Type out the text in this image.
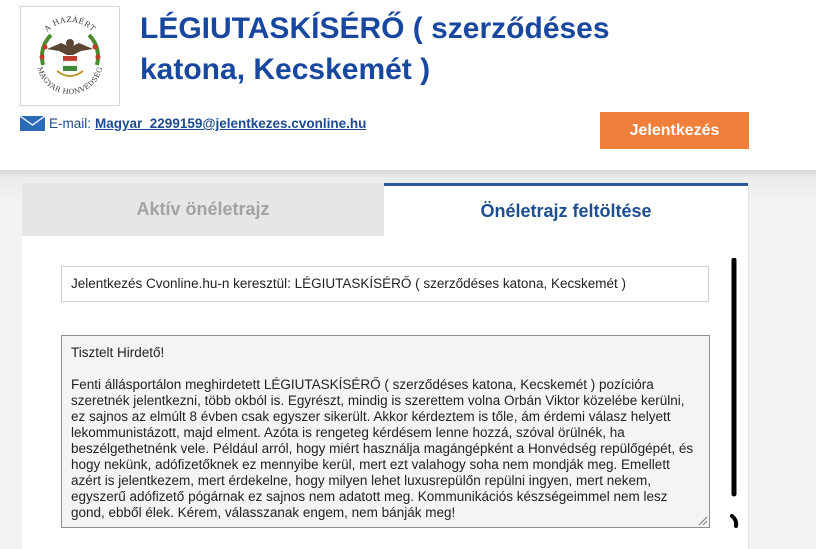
A HAZÁÉRT
MAGYAR HONVÉDSÉG
LÉGIUTASKÍSÉRŐ ( szerződéses katona, Kecskemét )
E-mail: Magyar_2299159@jelentkezes.cvonline.hu	Jelentkezés
Aktív önéletrajz	Önéletrajz feltöltése
Jelentkezés Cvonline.hu-n keresztül: LÉGIUTASKÍSÉRŐ ( szerződéses katona, Kecskemét )

Tisztelt Hirdető!

Fenti állásportálon meghirdetett LÉGIUTASKÍSÉRŐ ( szerződéses katona, Kecskemét ) pozícióra szeretnék jelentkezni, több okból is. Egyrészt, mindig is szerettem volna Orbán Viktor közelébe kerülni, ez sajnos az elmúlt 8 évben csak egyszer sikerült. Akkor kérdeztem is tőle, ám érdemi válasz helyett lekommunistázott, majd elment. Azóta is rengeteg kérdésem lenne hozzá, szóval örülnék, ha beszélgethetnénk vele. Például arról, hogy miért használja magángépként a Honvédség repülőgépét, és hogy nekünk, adófizetőknek ez mennyibe kerül, mert ezt valahogy soha nem mondják meg. Emellett azért is jelentkezem, mert érdekelne, hogy milyen lehet luxusrepülőn repülni ingyen, mert nekem, egyszerű adófizető pógárnak ez sajnos nem adatott meg. Kommunikációs készségeimmel nem lesz gond, ebből élek. Kérem, válasszanak engem, nem bánják meg!
